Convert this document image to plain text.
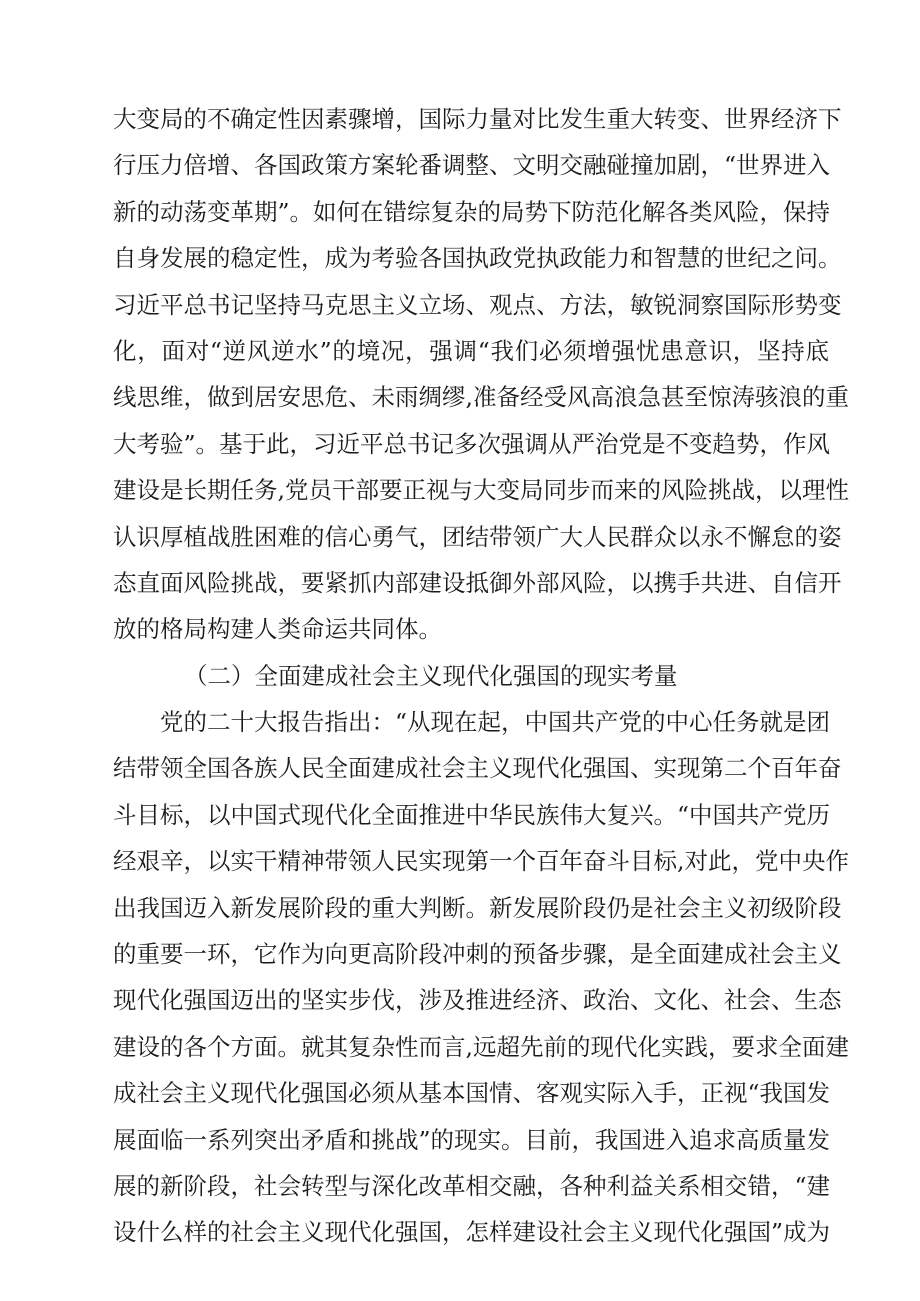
大变局的不确定性因素骤增，国际力量对比发生重大转变、世界经济下
行压力倍增、各国政策方案轮番调整、文明交融碰撞加剧，“世界进入
新的动荡变革期”。如何在错综复杂的局势下防范化解各类风险，保持
自身发展的稳定性，成为考验各国执政党执政能力和智慧的世纪之问。
习近平总书记坚持马克思主义立场、观点、方法，敏锐洞察国际形势变
化，面对“逆风逆水”的境况，强调“我们必须增强忧患意识，坚持底
线思维，做到居安思危、未雨绸缪,准备经受风高浪急甚至惊涛骇浪的重
大考验”。基于此，习近平总书记多次强调从严治党是不变趋势，作风
建设是长期任务,党员干部要正视与大变局同步而来的风险挑战，以理性
认识厚植战胜困难的信心勇气，团结带领广大人民群众以永不懈怠的姿
态直面风险挑战，要紧抓内部建设抵御外部风险，以携手共进、自信开
放的格局构建人类命运共同体。
（二）全面建成社会主义现代化强国的现实考量
党的二十大报告指出：“从现在起，中国共产党的中心任务就是团
结带领全国各族人民全面建成社会主义现代化强国、实现第二个百年奋
斗目标，以中国式现代化全面推进中华民族伟大复兴。“中国共产党历
经艰辛，以实干精神带领人民实现第一个百年奋斗目标,对此，党中央作
出我国迈入新发展阶段的重大判断。新发展阶段仍是社会主义初级阶段
的重要一环，它作为向更高阶段冲刺的预备步骤，是全面建成社会主义
现代化强国迈出的坚实步伐，涉及推进经济、政治、文化、社会、生态
建设的各个方面。就其复杂性而言,远超先前的现代化实践，要求全面建
成社会主义现代化强国必须从基本国情、客观实际入手，正视“我国发
展面临一系列突出矛盾和挑战”的现实。目前，我国进入追求高质量发
展的新阶段，社会转型与深化改革相交融，各种利益关系相交错，“建
设什么样的社会主义现代化强国，怎样建设社会主义现代化强国”成为
